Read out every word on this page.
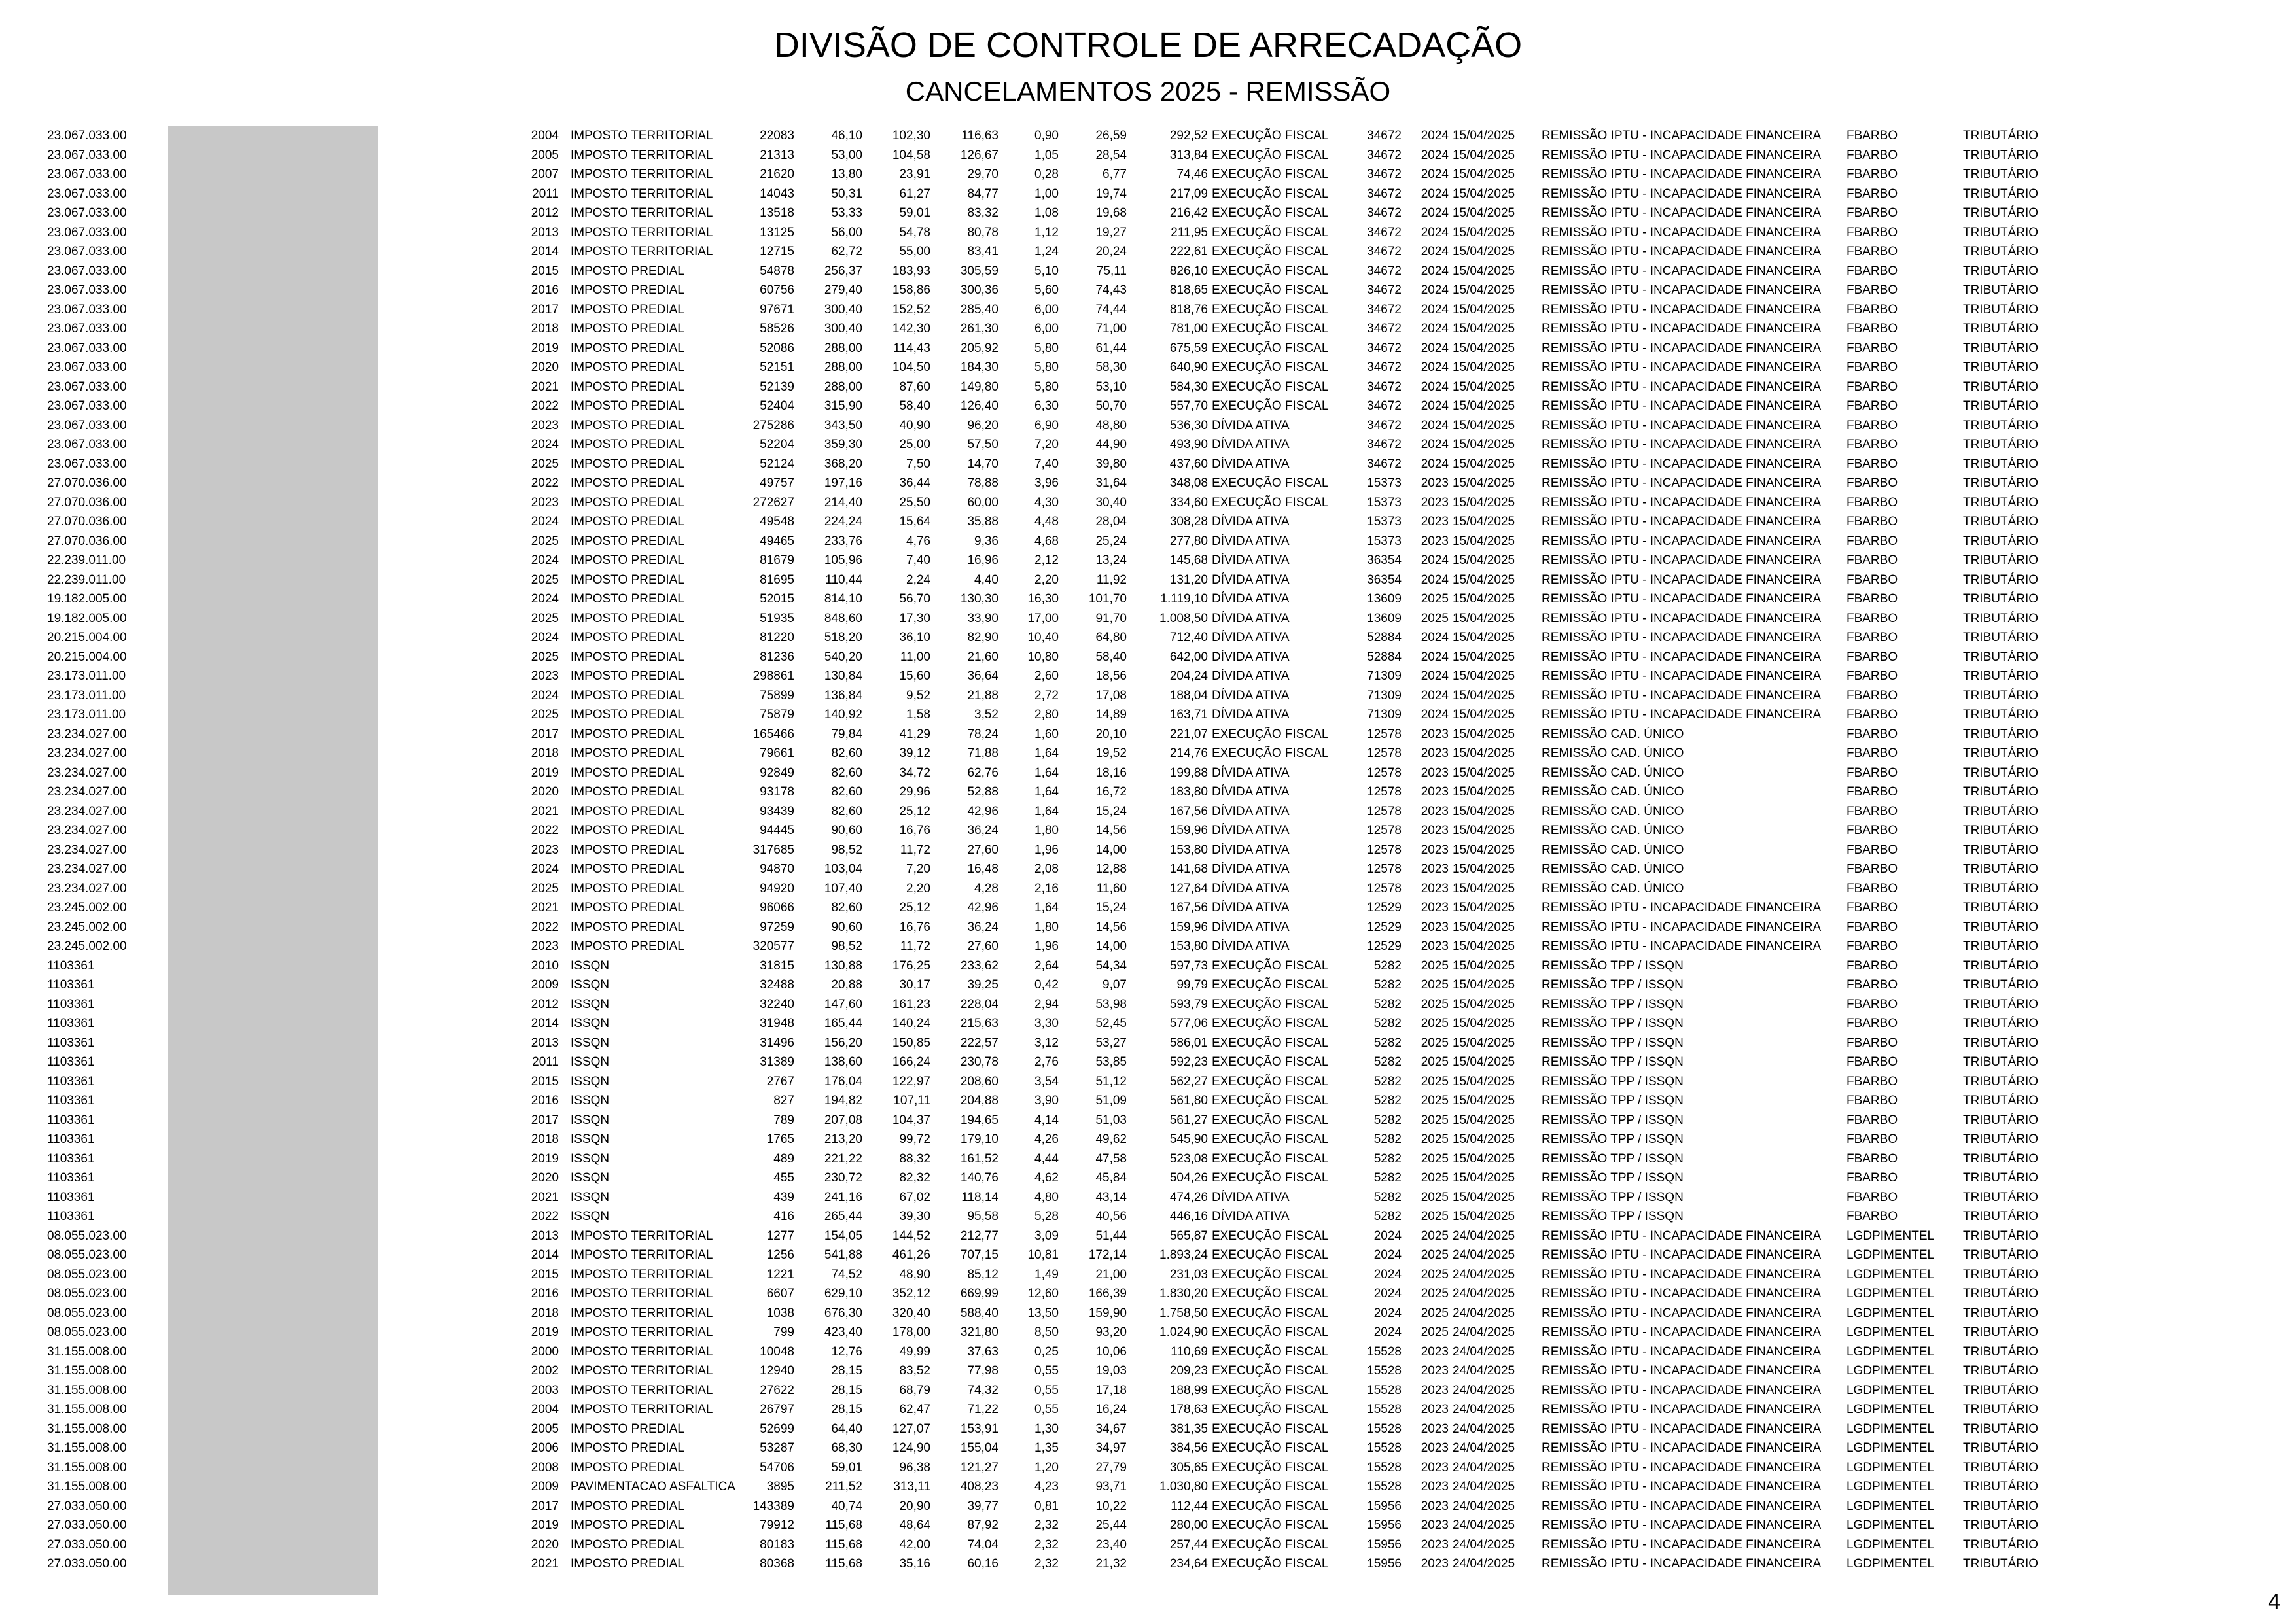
DIVISÃO DE CONTROLE DE ARRECADAÇÃO
CANCELAMENTOS 2025 - REMISSÃO
23.067.033.00	2004	IMPOSTO TERRITORIAL	22083	46,10	102,30	116,63	0,90	26,59	292,52	EXECUÇÃO FISCAL	34672	2024	15/04/2025	REMISSÃO IPTU - INCAPACIDADE FINANCEIRA	FBARBO	TRIBUTÁRIO
23.067.033.00	2005	IMPOSTO TERRITORIAL	21313	53,00	104,58	126,67	1,05	28,54	313,84	EXECUÇÃO FISCAL	34672	2024	15/04/2025	REMISSÃO IPTU - INCAPACIDADE FINANCEIRA	FBARBO	TRIBUTÁRIO
23.067.033.00	2007	IMPOSTO TERRITORIAL	21620	13,80	23,91	29,70	0,28	6,77	74,46	EXECUÇÃO FISCAL	34672	2024	15/04/2025	REMISSÃO IPTU - INCAPACIDADE FINANCEIRA	FBARBO	TRIBUTÁRIO
23.067.033.00	2011	IMPOSTO TERRITORIAL	14043	50,31	61,27	84,77	1,00	19,74	217,09	EXECUÇÃO FISCAL	34672	2024	15/04/2025	REMISSÃO IPTU - INCAPACIDADE FINANCEIRA	FBARBO	TRIBUTÁRIO
23.067.033.00	2012	IMPOSTO TERRITORIAL	13518	53,33	59,01	83,32	1,08	19,68	216,42	EXECUÇÃO FISCAL	34672	2024	15/04/2025	REMISSÃO IPTU - INCAPACIDADE FINANCEIRA	FBARBO	TRIBUTÁRIO
23.067.033.00	2013	IMPOSTO TERRITORIAL	13125	56,00	54,78	80,78	1,12	19,27	211,95	EXECUÇÃO FISCAL	34672	2024	15/04/2025	REMISSÃO IPTU - INCAPACIDADE FINANCEIRA	FBARBO	TRIBUTÁRIO
23.067.033.00	2014	IMPOSTO TERRITORIAL	12715	62,72	55,00	83,41	1,24	20,24	222,61	EXECUÇÃO FISCAL	34672	2024	15/04/2025	REMISSÃO IPTU - INCAPACIDADE FINANCEIRA	FBARBO	TRIBUTÁRIO
23.067.033.00	2015	IMPOSTO PREDIAL	54878	256,37	183,93	305,59	5,10	75,11	826,10	EXECUÇÃO FISCAL	34672	2024	15/04/2025	REMISSÃO IPTU - INCAPACIDADE FINANCEIRA	FBARBO	TRIBUTÁRIO
23.067.033.00	2016	IMPOSTO PREDIAL	60756	279,40	158,86	300,36	5,60	74,43	818,65	EXECUÇÃO FISCAL	34672	2024	15/04/2025	REMISSÃO IPTU - INCAPACIDADE FINANCEIRA	FBARBO	TRIBUTÁRIO
23.067.033.00	2017	IMPOSTO PREDIAL	97671	300,40	152,52	285,40	6,00	74,44	818,76	EXECUÇÃO FISCAL	34672	2024	15/04/2025	REMISSÃO IPTU - INCAPACIDADE FINANCEIRA	FBARBO	TRIBUTÁRIO
23.067.033.00	2018	IMPOSTO PREDIAL	58526	300,40	142,30	261,30	6,00	71,00	781,00	EXECUÇÃO FISCAL	34672	2024	15/04/2025	REMISSÃO IPTU - INCAPACIDADE FINANCEIRA	FBARBO	TRIBUTÁRIO
23.067.033.00	2019	IMPOSTO PREDIAL	52086	288,00	114,43	205,92	5,80	61,44	675,59	EXECUÇÃO FISCAL	34672	2024	15/04/2025	REMISSÃO IPTU - INCAPACIDADE FINANCEIRA	FBARBO	TRIBUTÁRIO
23.067.033.00	2020	IMPOSTO PREDIAL	52151	288,00	104,50	184,30	5,80	58,30	640,90	EXECUÇÃO FISCAL	34672	2024	15/04/2025	REMISSÃO IPTU - INCAPACIDADE FINANCEIRA	FBARBO	TRIBUTÁRIO
23.067.033.00	2021	IMPOSTO PREDIAL	52139	288,00	87,60	149,80	5,80	53,10	584,30	EXECUÇÃO FISCAL	34672	2024	15/04/2025	REMISSÃO IPTU - INCAPACIDADE FINANCEIRA	FBARBO	TRIBUTÁRIO
23.067.033.00	2022	IMPOSTO PREDIAL	52404	315,90	58,40	126,40	6,30	50,70	557,70	EXECUÇÃO FISCAL	34672	2024	15/04/2025	REMISSÃO IPTU - INCAPACIDADE FINANCEIRA	FBARBO	TRIBUTÁRIO
23.067.033.00	2023	IMPOSTO PREDIAL	275286	343,50	40,90	96,20	6,90	48,80	536,30	DÍVIDA ATIVA	34672	2024	15/04/2025	REMISSÃO IPTU - INCAPACIDADE FINANCEIRA	FBARBO	TRIBUTÁRIO
23.067.033.00	2024	IMPOSTO PREDIAL	52204	359,30	25,00	57,50	7,20	44,90	493,90	DÍVIDA ATIVA	34672	2024	15/04/2025	REMISSÃO IPTU - INCAPACIDADE FINANCEIRA	FBARBO	TRIBUTÁRIO
23.067.033.00	2025	IMPOSTO PREDIAL	52124	368,20	7,50	14,70	7,40	39,80	437,60	DÍVIDA ATIVA	34672	2024	15/04/2025	REMISSÃO IPTU - INCAPACIDADE FINANCEIRA	FBARBO	TRIBUTÁRIO
27.070.036.00	2022	IMPOSTO PREDIAL	49757	197,16	36,44	78,88	3,96	31,64	348,08	EXECUÇÃO FISCAL	15373	2023	15/04/2025	REMISSÃO IPTU - INCAPACIDADE FINANCEIRA	FBARBO	TRIBUTÁRIO
27.070.036.00	2023	IMPOSTO PREDIAL	272627	214,40	25,50	60,00	4,30	30,40	334,60	EXECUÇÃO FISCAL	15373	2023	15/04/2025	REMISSÃO IPTU - INCAPACIDADE FINANCEIRA	FBARBO	TRIBUTÁRIO
27.070.036.00	2024	IMPOSTO PREDIAL	49548	224,24	15,64	35,88	4,48	28,04	308,28	DÍVIDA ATIVA	15373	2023	15/04/2025	REMISSÃO IPTU - INCAPACIDADE FINANCEIRA	FBARBO	TRIBUTÁRIO
27.070.036.00	2025	IMPOSTO PREDIAL	49465	233,76	4,76	9,36	4,68	25,24	277,80	DÍVIDA ATIVA	15373	2023	15/04/2025	REMISSÃO IPTU - INCAPACIDADE FINANCEIRA	FBARBO	TRIBUTÁRIO
22.239.011.00	2024	IMPOSTO PREDIAL	81679	105,96	7,40	16,96	2,12	13,24	145,68	DÍVIDA ATIVA	36354	2024	15/04/2025	REMISSÃO IPTU - INCAPACIDADE FINANCEIRA	FBARBO	TRIBUTÁRIO
22.239.011.00	2025	IMPOSTO PREDIAL	81695	110,44	2,24	4,40	2,20	11,92	131,20	DÍVIDA ATIVA	36354	2024	15/04/2025	REMISSÃO IPTU - INCAPACIDADE FINANCEIRA	FBARBO	TRIBUTÁRIO
19.182.005.00	2024	IMPOSTO PREDIAL	52015	814,10	56,70	130,30	16,30	101,70	1.119,10	DÍVIDA ATIVA	13609	2025	15/04/2025	REMISSÃO IPTU - INCAPACIDADE FINANCEIRA	FBARBO	TRIBUTÁRIO
19.182.005.00	2025	IMPOSTO PREDIAL	51935	848,60	17,30	33,90	17,00	91,70	1.008,50	DÍVIDA ATIVA	13609	2025	15/04/2025	REMISSÃO IPTU - INCAPACIDADE FINANCEIRA	FBARBO	TRIBUTÁRIO
20.215.004.00	2024	IMPOSTO PREDIAL	81220	518,20	36,10	82,90	10,40	64,80	712,40	DÍVIDA ATIVA	52884	2024	15/04/2025	REMISSÃO IPTU - INCAPACIDADE FINANCEIRA	FBARBO	TRIBUTÁRIO
20.215.004.00	2025	IMPOSTO PREDIAL	81236	540,20	11,00	21,60	10,80	58,40	642,00	DÍVIDA ATIVA	52884	2024	15/04/2025	REMISSÃO IPTU - INCAPACIDADE FINANCEIRA	FBARBO	TRIBUTÁRIO
23.173.011.00	2023	IMPOSTO PREDIAL	298861	130,84	15,60	36,64	2,60	18,56	204,24	DÍVIDA ATIVA	71309	2024	15/04/2025	REMISSÃO IPTU - INCAPACIDADE FINANCEIRA	FBARBO	TRIBUTÁRIO
23.173.011.00	2024	IMPOSTO PREDIAL	75899	136,84	9,52	21,88	2,72	17,08	188,04	DÍVIDA ATIVA	71309	2024	15/04/2025	REMISSÃO IPTU - INCAPACIDADE FINANCEIRA	FBARBO	TRIBUTÁRIO
23.173.011.00	2025	IMPOSTO PREDIAL	75879	140,92	1,58	3,52	2,80	14,89	163,71	DÍVIDA ATIVA	71309	2024	15/04/2025	REMISSÃO IPTU - INCAPACIDADE FINANCEIRA	FBARBO	TRIBUTÁRIO
23.234.027.00	2017	IMPOSTO PREDIAL	165466	79,84	41,29	78,24	1,60	20,10	221,07	EXECUÇÃO FISCAL	12578	2023	15/04/2025	REMISSÃO CAD. ÚNICO	FBARBO	TRIBUTÁRIO
23.234.027.00	2018	IMPOSTO PREDIAL	79661	82,60	39,12	71,88	1,64	19,52	214,76	EXECUÇÃO FISCAL	12578	2023	15/04/2025	REMISSÃO CAD. ÚNICO	FBARBO	TRIBUTÁRIO
23.234.027.00	2019	IMPOSTO PREDIAL	92849	82,60	34,72	62,76	1,64	18,16	199,88	DÍVIDA ATIVA	12578	2023	15/04/2025	REMISSÃO CAD. ÚNICO	FBARBO	TRIBUTÁRIO
23.234.027.00	2020	IMPOSTO PREDIAL	93178	82,60	29,96	52,88	1,64	16,72	183,80	DÍVIDA ATIVA	12578	2023	15/04/2025	REMISSÃO CAD. ÚNICO	FBARBO	TRIBUTÁRIO
23.234.027.00	2021	IMPOSTO PREDIAL	93439	82,60	25,12	42,96	1,64	15,24	167,56	DÍVIDA ATIVA	12578	2023	15/04/2025	REMISSÃO CAD. ÚNICO	FBARBO	TRIBUTÁRIO
23.234.027.00	2022	IMPOSTO PREDIAL	94445	90,60	16,76	36,24	1,80	14,56	159,96	DÍVIDA ATIVA	12578	2023	15/04/2025	REMISSÃO CAD. ÚNICO	FBARBO	TRIBUTÁRIO
23.234.027.00	2023	IMPOSTO PREDIAL	317685	98,52	11,72	27,60	1,96	14,00	153,80	DÍVIDA ATIVA	12578	2023	15/04/2025	REMISSÃO CAD. ÚNICO	FBARBO	TRIBUTÁRIO
23.234.027.00	2024	IMPOSTO PREDIAL	94870	103,04	7,20	16,48	2,08	12,88	141,68	DÍVIDA ATIVA	12578	2023	15/04/2025	REMISSÃO CAD. ÚNICO	FBARBO	TRIBUTÁRIO
23.234.027.00	2025	IMPOSTO PREDIAL	94920	107,40	2,20	4,28	2,16	11,60	127,64	DÍVIDA ATIVA	12578	2023	15/04/2025	REMISSÃO CAD. ÚNICO	FBARBO	TRIBUTÁRIO
23.245.002.00	2021	IMPOSTO PREDIAL	96066	82,60	25,12	42,96	1,64	15,24	167,56	DÍVIDA ATIVA	12529	2023	15/04/2025	REMISSÃO IPTU - INCAPACIDADE FINANCEIRA	FBARBO	TRIBUTÁRIO
23.245.002.00	2022	IMPOSTO PREDIAL	97259	90,60	16,76	36,24	1,80	14,56	159,96	DÍVIDA ATIVA	12529	2023	15/04/2025	REMISSÃO IPTU - INCAPACIDADE FINANCEIRA	FBARBO	TRIBUTÁRIO
23.245.002.00	2023	IMPOSTO PREDIAL	320577	98,52	11,72	27,60	1,96	14,00	153,80	DÍVIDA ATIVA	12529	2023	15/04/2025	REMISSÃO IPTU - INCAPACIDADE FINANCEIRA	FBARBO	TRIBUTÁRIO
1103361	2010	ISSQN	31815	130,88	176,25	233,62	2,64	54,34	597,73	EXECUÇÃO FISCAL	5282	2025	15/04/2025	REMISSÃO TPP / ISSQN	FBARBO	TRIBUTÁRIO
1103361	2009	ISSQN	32488	20,88	30,17	39,25	0,42	9,07	99,79	EXECUÇÃO FISCAL	5282	2025	15/04/2025	REMISSÃO TPP / ISSQN	FBARBO	TRIBUTÁRIO
1103361	2012	ISSQN	32240	147,60	161,23	228,04	2,94	53,98	593,79	EXECUÇÃO FISCAL	5282	2025	15/04/2025	REMISSÃO TPP / ISSQN	FBARBO	TRIBUTÁRIO
1103361	2014	ISSQN	31948	165,44	140,24	215,63	3,30	52,45	577,06	EXECUÇÃO FISCAL	5282	2025	15/04/2025	REMISSÃO TPP / ISSQN	FBARBO	TRIBUTÁRIO
1103361	2013	ISSQN	31496	156,20	150,85	222,57	3,12	53,27	586,01	EXECUÇÃO FISCAL	5282	2025	15/04/2025	REMISSÃO TPP / ISSQN	FBARBO	TRIBUTÁRIO
1103361	2011	ISSQN	31389	138,60	166,24	230,78	2,76	53,85	592,23	EXECUÇÃO FISCAL	5282	2025	15/04/2025	REMISSÃO TPP / ISSQN	FBARBO	TRIBUTÁRIO
1103361	2015	ISSQN	2767	176,04	122,97	208,60	3,54	51,12	562,27	EXECUÇÃO FISCAL	5282	2025	15/04/2025	REMISSÃO TPP / ISSQN	FBARBO	TRIBUTÁRIO
1103361	2016	ISSQN	827	194,82	107,11	204,88	3,90	51,09	561,80	EXECUÇÃO FISCAL	5282	2025	15/04/2025	REMISSÃO TPP / ISSQN	FBARBO	TRIBUTÁRIO
1103361	2017	ISSQN	789	207,08	104,37	194,65	4,14	51,03	561,27	EXECUÇÃO FISCAL	5282	2025	15/04/2025	REMISSÃO TPP / ISSQN	FBARBO	TRIBUTÁRIO
1103361	2018	ISSQN	1765	213,20	99,72	179,10	4,26	49,62	545,90	EXECUÇÃO FISCAL	5282	2025	15/04/2025	REMISSÃO TPP / ISSQN	FBARBO	TRIBUTÁRIO
1103361	2019	ISSQN	489	221,22	88,32	161,52	4,44	47,58	523,08	EXECUÇÃO FISCAL	5282	2025	15/04/2025	REMISSÃO TPP / ISSQN	FBARBO	TRIBUTÁRIO
1103361	2020	ISSQN	455	230,72	82,32	140,76	4,62	45,84	504,26	EXECUÇÃO FISCAL	5282	2025	15/04/2025	REMISSÃO TPP / ISSQN	FBARBO	TRIBUTÁRIO
1103361	2021	ISSQN	439	241,16	67,02	118,14	4,80	43,14	474,26	DÍVIDA ATIVA	5282	2025	15/04/2025	REMISSÃO TPP / ISSQN	FBARBO	TRIBUTÁRIO
1103361	2022	ISSQN	416	265,44	39,30	95,58	5,28	40,56	446,16	DÍVIDA ATIVA	5282	2025	15/04/2025	REMISSÃO TPP / ISSQN	FBARBO	TRIBUTÁRIO
08.055.023.00	2013	IMPOSTO TERRITORIAL	1277	154,05	144,52	212,77	3,09	51,44	565,87	EXECUÇÃO FISCAL	2024	2025	24/04/2025	REMISSÃO IPTU - INCAPACIDADE FINANCEIRA	LGDPIMENTEL	TRIBUTÁRIO
08.055.023.00	2014	IMPOSTO TERRITORIAL	1256	541,88	461,26	707,15	10,81	172,14	1.893,24	EXECUÇÃO FISCAL	2024	2025	24/04/2025	REMISSÃO IPTU - INCAPACIDADE FINANCEIRA	LGDPIMENTEL	TRIBUTÁRIO
08.055.023.00	2015	IMPOSTO TERRITORIAL	1221	74,52	48,90	85,12	1,49	21,00	231,03	EXECUÇÃO FISCAL	2024	2025	24/04/2025	REMISSÃO IPTU - INCAPACIDADE FINANCEIRA	LGDPIMENTEL	TRIBUTÁRIO
08.055.023.00	2016	IMPOSTO TERRITORIAL	6607	629,10	352,12	669,99	12,60	166,39	1.830,20	EXECUÇÃO FISCAL	2024	2025	24/04/2025	REMISSÃO IPTU - INCAPACIDADE FINANCEIRA	LGDPIMENTEL	TRIBUTÁRIO
08.055.023.00	2018	IMPOSTO TERRITORIAL	1038	676,30	320,40	588,40	13,50	159,90	1.758,50	EXECUÇÃO FISCAL	2024	2025	24/04/2025	REMISSÃO IPTU - INCAPACIDADE FINANCEIRA	LGDPIMENTEL	TRIBUTÁRIO
08.055.023.00	2019	IMPOSTO TERRITORIAL	799	423,40	178,00	321,80	8,50	93,20	1.024,90	EXECUÇÃO FISCAL	2024	2025	24/04/2025	REMISSÃO IPTU - INCAPACIDADE FINANCEIRA	LGDPIMENTEL	TRIBUTÁRIO
31.155.008.00	2000	IMPOSTO TERRITORIAL	10048	12,76	49,99	37,63	0,25	10,06	110,69	EXECUÇÃO FISCAL	15528	2023	24/04/2025	REMISSÃO IPTU - INCAPACIDADE FINANCEIRA	LGDPIMENTEL	TRIBUTÁRIO
31.155.008.00	2002	IMPOSTO TERRITORIAL	12940	28,15	83,52	77,98	0,55	19,03	209,23	EXECUÇÃO FISCAL	15528	2023	24/04/2025	REMISSÃO IPTU - INCAPACIDADE FINANCEIRA	LGDPIMENTEL	TRIBUTÁRIO
31.155.008.00	2003	IMPOSTO TERRITORIAL	27622	28,15	68,79	74,32	0,55	17,18	188,99	EXECUÇÃO FISCAL	15528	2023	24/04/2025	REMISSÃO IPTU - INCAPACIDADE FINANCEIRA	LGDPIMENTEL	TRIBUTÁRIO
31.155.008.00	2004	IMPOSTO TERRITORIAL	26797	28,15	62,47	71,22	0,55	16,24	178,63	EXECUÇÃO FISCAL	15528	2023	24/04/2025	REMISSÃO IPTU - INCAPACIDADE FINANCEIRA	LGDPIMENTEL	TRIBUTÁRIO
31.155.008.00	2005	IMPOSTO PREDIAL	52699	64,40	127,07	153,91	1,30	34,67	381,35	EXECUÇÃO FISCAL	15528	2023	24/04/2025	REMISSÃO IPTU - INCAPACIDADE FINANCEIRA	LGDPIMENTEL	TRIBUTÁRIO
31.155.008.00	2006	IMPOSTO PREDIAL	53287	68,30	124,90	155,04	1,35	34,97	384,56	EXECUÇÃO FISCAL	15528	2023	24/04/2025	REMISSÃO IPTU - INCAPACIDADE FINANCEIRA	LGDPIMENTEL	TRIBUTÁRIO
31.155.008.00	2008	IMPOSTO PREDIAL	54706	59,01	96,38	121,27	1,20	27,79	305,65	EXECUÇÃO FISCAL	15528	2023	24/04/2025	REMISSÃO IPTU - INCAPACIDADE FINANCEIRA	LGDPIMENTEL	TRIBUTÁRIO
31.155.008.00	2009	PAVIMENTACAO ASFALTICA	3895	211,52	313,11	408,23	4,23	93,71	1.030,80	EXECUÇÃO FISCAL	15528	2023	24/04/2025	REMISSÃO IPTU - INCAPACIDADE FINANCEIRA	LGDPIMENTEL	TRIBUTÁRIO
27.033.050.00	2017	IMPOSTO PREDIAL	143389	40,74	20,90	39,77	0,81	10,22	112,44	EXECUÇÃO FISCAL	15956	2023	24/04/2025	REMISSÃO IPTU - INCAPACIDADE FINANCEIRA	LGDPIMENTEL	TRIBUTÁRIO
27.033.050.00	2019	IMPOSTO PREDIAL	79912	115,68	48,64	87,92	2,32	25,44	280,00	EXECUÇÃO FISCAL	15956	2023	24/04/2025	REMISSÃO IPTU - INCAPACIDADE FINANCEIRA	LGDPIMENTEL	TRIBUTÁRIO
27.033.050.00	2020	IMPOSTO PREDIAL	80183	115,68	42,00	74,04	2,32	23,40	257,44	EXECUÇÃO FISCAL	15956	2023	24/04/2025	REMISSÃO IPTU - INCAPACIDADE FINANCEIRA	LGDPIMENTEL	TRIBUTÁRIO
27.033.050.00	2021	IMPOSTO PREDIAL	80368	115,68	35,16	60,16	2,32	21,32	234,64	EXECUÇÃO FISCAL	15956	2023	24/04/2025	REMISSÃO IPTU - INCAPACIDADE FINANCEIRA	LGDPIMENTEL	TRIBUTÁRIO
4
